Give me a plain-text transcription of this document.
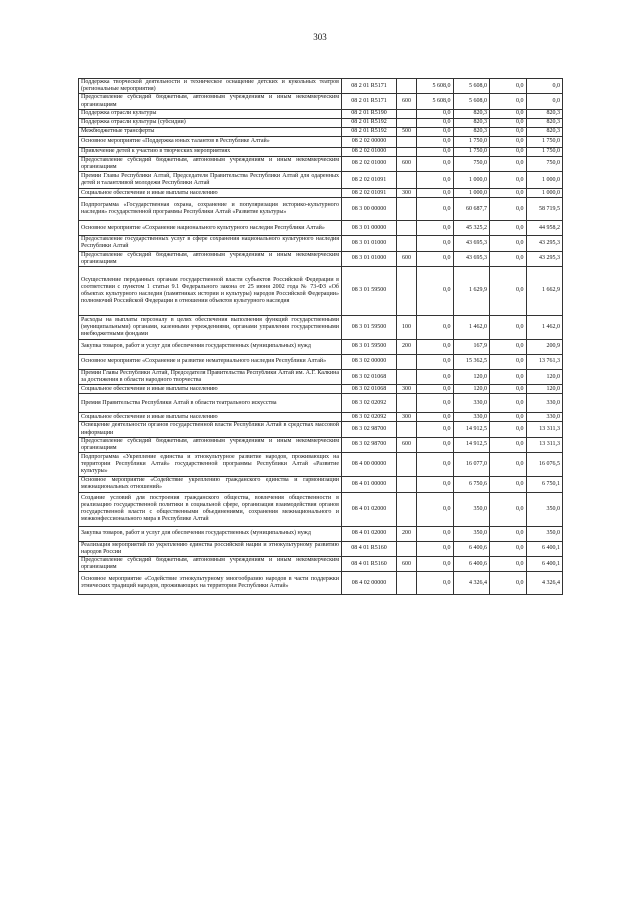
303
Поддержка творческой деятельности и техническое оснащение детских и кукольных театров (региональные мероприятия)	08 2 01 R5171		5 608,0	5 608,0	0,0	0,0
Предоставление субсидий бюджетным, автономным учреждениям и иным некоммерческим организациям	08 2 01 R5171	600	5 608,0	5 608,0	0,0	0,0
Поддержка отрасли культуры	08 2 01 R5190		0,0	820,3	0,0	820,3
Поддержка отрасли культуры (субсидии)	08 2 01 R5192		0,0	820,3	0,0	820,3
Межбюджетные трансферты	08 2 01 R5192	500	0,0	820,3	0,0	820,3
Основное мероприятие «Поддержка юных талантов в Республике Алтай»	08 2 02 00000		0,0	1 750,0	0,0	1 750,0
Привлечение детей к участию в творческих мероприятиях	08 2 02 01000		0,0	1 750,0	0,0	1 750,0
Предоставление субсидий бюджетным, автономным учреждениям и иным некоммерческим организациям	08 2 02 01000	600	0,0	750,0	0,0	750,0
Премии Главы Республики Алтай, Председателя Правительства Республики Алтай для одаренных детей и талантливой молодежи Республики Алтай	08 2 02 01091		0,0	1 000,0	0,0	1 000,0
Социальное обеспечение и иные выплаты населению	08 2 02 01091	300	0,0	1 000,0	0,0	1 000,0
Подпрограмма «Государственная охрана, сохранение и популяризация историко-культурного наследия» государственной программы Республики Алтай «Развитие культуры»	08 3 00 00000		0,0	60 687,7	0,0	58 719,5
Основное мероприятие «Сохранение национального культурного наследия Республики Алтай»	08 3 01 00000		0,0	45 325,2	0,0	44 958,2
Предоставление государственных услуг в сфере сохранения национального культурного наследия Республики Алтай	08 3 01 01000		0,0	43 695,3	0,0	43 295,3
Предоставление субсидий бюджетным, автономным учреждениям и иным некоммерческим организациям	08 3 01 01000	600	0,0	43 695,3	0,0	43 295,3
Осуществление переданных органам государственной власти субъектов Российской Федерации в соответствии с пунктом 1 статьи 9.1 Федерального закона от 25 июня 2002 года № 73-ФЗ «Об объектах культурного наследия (памятниках истории и культуры) народов Российской Федерации» полномочий Российской Федерации в отношении объектов культурного наследия	08 3 01 59500		0,0	1 629,9	0,0	1 662,9
Расходы на выплаты персоналу в целях обеспечения выполнения функций государственными (муниципальными) органами, казенными учреждениями, органами управления государственными внебюджетными фондами	08 3 01 59500	100	0,0	1 462,0	0,0	1 462,0
Закупка товаров, работ и услуг для обеспечения государственных (муниципальных) нужд	08 3 01 59500	200	0,0	167,9	0,0	200,9
Основное мероприятие «Сохранение и развитие нематериального наследия Республики Алтай»	08 3 02 00000		0,0	15 362,5	0,0	13 761,3
Премии Главы Республики Алтай, Председателя Правительства Республики Алтай им. А.Г. Калкина за достижения в области народного творчества	08 3 02 01068		0,0	120,0	0,0	120,0
Социальное обеспечение и иные выплаты населению	08 3 02 01068	300	0,0	120,0	0,0	120,0
Премия Правительства Республики Алтай в области театрального искусства	08 3 02 02092		0,0	330,0	0,0	330,0
Социальное обеспечение и иные выплаты населению	08 3 02 02092	300	0,0	330,0	0,0	330,0
Освещение деятельности органов государственной власти Республики Алтай в средствах массовой информации	08 3 02 98700		0,0	14 912,5	0,0	13 311,3
Предоставление субсидий бюджетным, автономным учреждениям и иным некоммерческим организациям	08 3 02 98700	600	0,0	14 912,5	0,0	13 311,3
Подпрограмма «Укрепление единства и этнокультурное развитие народов, проживающих на территории Республики Алтай» государственной программы Республики Алтай «Развитие культуры»	08 4 00 00000		0,0	16 077,0	0,0	16 076,5
Основное мероприятие «Содействие укреплению гражданского единства и гармонизации межнациональных отношений»	08 4 01 00000		0,0	6 750,6	0,0	6 750,1
Создание условий для построения гражданского общества, вовлечения общественности в реализацию государственной политики в социальной сфере, организация взаимодействия органов государственной власти с общественными объединениями, сохранения межнационального и межконфессионального мира в Республике Алтай	08 4 01 02000		0,0	350,0	0,0	350,0
Закупка товаров, работ и услуг для обеспечения государственных (муниципальных) нужд	08 4 01 02000	200	0,0	350,0	0,0	350,0
Реализация мероприятий по укреплению единства российской нации и этнокультурному развитию народов России	08 4 01 R5160		0,0	6 400,6	0,0	6 400,1
Предоставление субсидий бюджетным, автономным учреждениям и иным некоммерческим организациям	08 4 01 R5160	600	0,0	6 400,6	0,0	6 400,1
Основное мероприятие «Содействие этнокультурному многообразию народов в части поддержки этнических традиций народов, проживающих на территории Республики Алтай»	08 4 02 00000		0,0	4 326,4	0,0	4 326,4
